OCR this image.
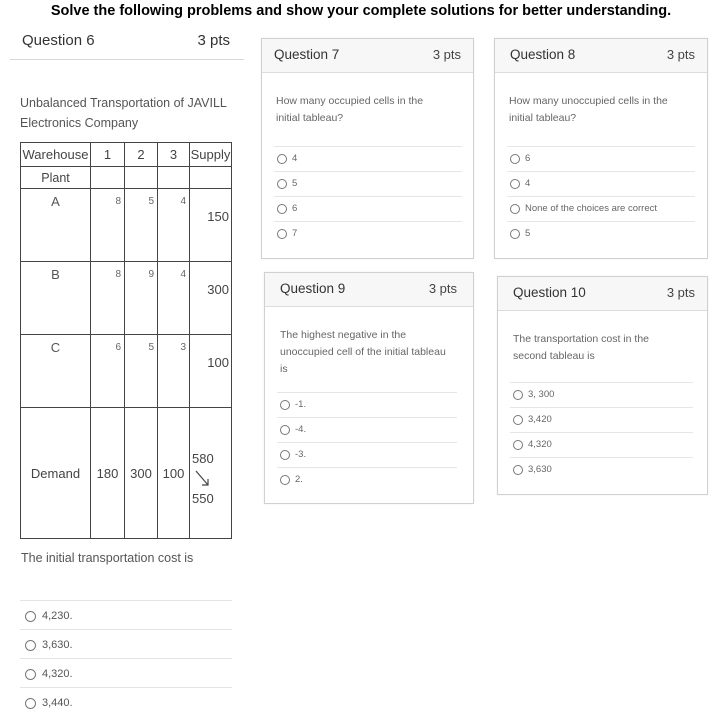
Solve the following problems and show your complete solutions for better understanding.
Question 6	3 pts
Unbalanced Transportation of JAVILL
Electronics Company
Warehouse	1	2	3	Supply
Plant				

A	8	5	4	150

B	8	9	4	300

C	6	5	3	100

Demand	180	300	100	580
550
The initial transportation cost is
4,230.
3,630.
4,320.
3,440.
Question 7	3 pts
How many occupied cells in the
initial tableau?
4
5
6
7
Question 8	3 pts
How many unoccupied cells in the
initial tableau?
6
4
None of the choices are correct
5
Question 9	3 pts
The highest negative in the
unoccupied cell of the initial tableau
is
-1.
-4.
-3.
2.
Question 10	3 pts
The transportation cost in the
second tableau is
3, 300
3,420
4,320
3,630
